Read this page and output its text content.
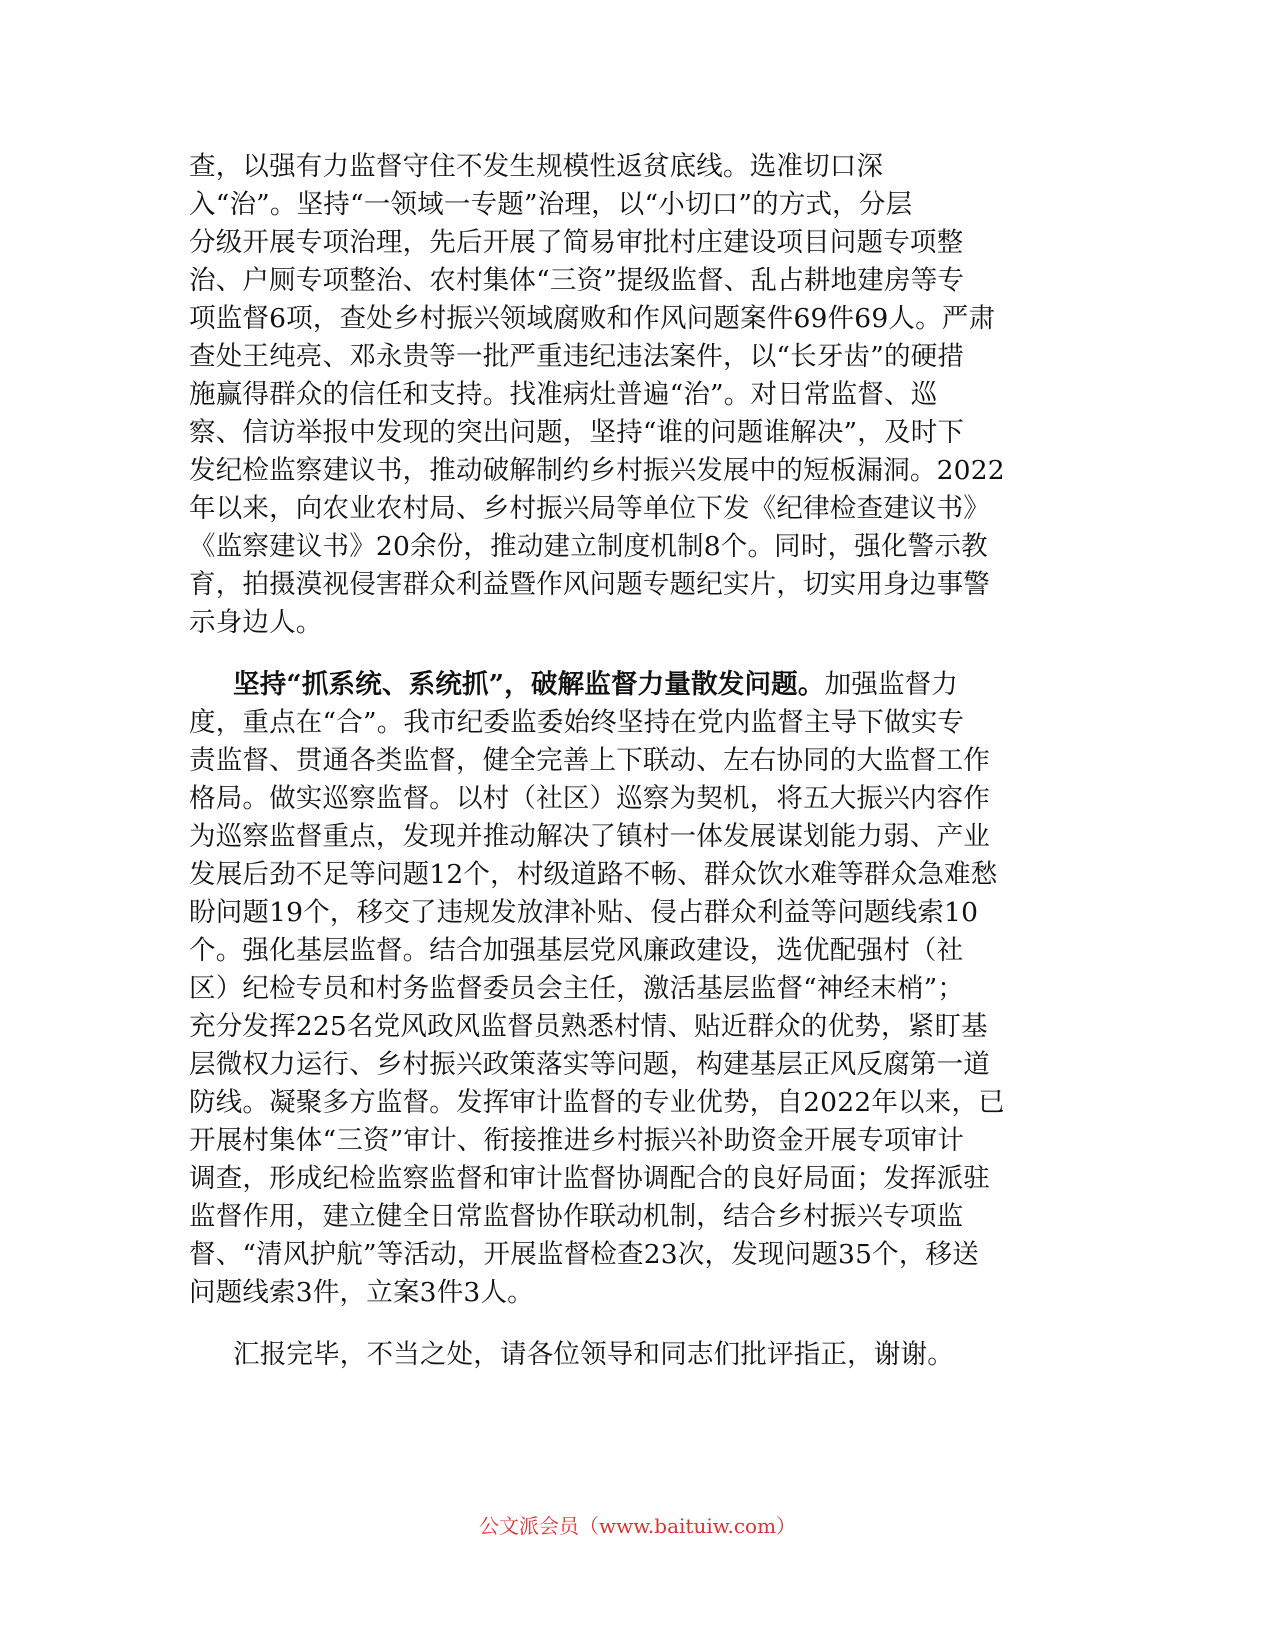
查，以强有力监督守住不发生规模性返贫底线。选准切口深
入“治”。坚持“一领域一专题”治理，以“小切口”的方式，分层
分级开展专项治理，先后开展了简易审批村庄建设项目问题专项整
治、户厕专项整治、农村集体“三资”提级监督、乱占耕地建房等专
项监督6项，查处乡村振兴领域腐败和作风问题案件69件69人。严肃
查处王纯亮、邓永贵等一批严重违纪违法案件，以“长牙齿”的硬措
施赢得群众的信任和支持。找准病灶普遍“治”。对日常监督、巡
察、信访举报中发现的突出问题，坚持“谁的问题谁解决”，及时下
发纪检监察建议书，推动破解制约乡村振兴发展中的短板漏洞。2022
年以来，向农业农村局、乡村振兴局等单位下发《纪律检查建议书》
《监察建议书》20余份，推动建立制度机制8个。同时，强化警示教
育，拍摄漠视侵害群众利益暨作风问题专题纪实片，切实用身边事警
示身边人。
坚持“抓系统、系统抓”，破解监督力量散发问题。加强监督力
度，重点在“合”。我市纪委监委始终坚持在党内监督主导下做实专
责监督、贯通各类监督，健全完善上下联动、左右协同的大监督工作
格局。做实巡察监督。以村（社区）巡察为契机，将五大振兴内容作
为巡察监督重点，发现并推动解决了镇村一体发展谋划能力弱、产业
发展后劲不足等问题12个，村级道路不畅、群众饮水难等群众急难愁
盼问题19个，移交了违规发放津补贴、侵占群众利益等问题线索10
个。强化基层监督。结合加强基层党风廉政建设，选优配强村（社
区）纪检专员和村务监督委员会主任，激活基层监督“神经末梢”；
充分发挥225名党风政风监督员熟悉村情、贴近群众的优势，紧盯基
层微权力运行、乡村振兴政策落实等问题，构建基层正风反腐第一道
防线。凝聚多方监督。发挥审计监督的专业优势，自2022年以来，已
开展村集体“三资”审计、衔接推进乡村振兴补助资金开展专项审计
调查，形成纪检监察监督和审计监督协调配合的良好局面；发挥派驻
监督作用，建立健全日常监督协作联动机制，结合乡村振兴专项监
督、“清风护航”等活动，开展监督检查23次，发现问题35个，移送
问题线索3件，立案3件3人。
汇报完毕，不当之处，请各位领导和同志们批评指正，谢谢。
公文派会员（www.baituiw.com）
